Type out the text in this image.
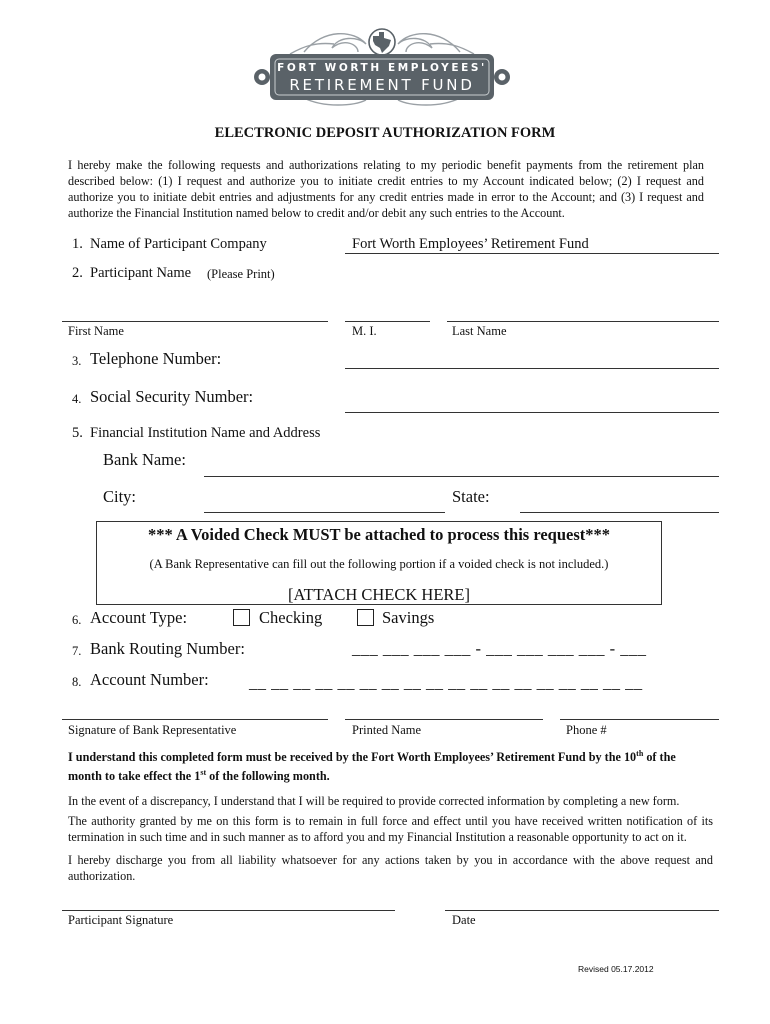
FORT WORTH EMPLOYEES'
RETIREMENT FUND
ELECTRONIC DEPOSIT AUTHORIZATION FORM
I hereby make the following requests and authorizations relating to my periodic benefit payments from the retirement plan described below: (1) I request and authorize you to initiate credit entries to my Account indicated below; (2) I request and authorize you to initiate debit entries and adjustments for any credit entries made in error to the Account; and (3) I request and authorize the Financial Institution named below to credit and/or debit any such entries to the Account.
1. Name of Participant Company	Fort Worth Employees’ Retirement Fund
2. Participant Name (Please Print)
First Name	M. I.	Last Name
3. Telephone Number:
4. Social Security Number:
5. Financial Institution Name and Address
Bank Name:
City:	State:
*** A Voided Check MUST be attached to process this request***
(A Bank Representative can fill out the following portion if a voided check is not included.)
[ATTACH CHECK HERE]
6. Account Type:	Checking	Savings
7. Bank Routing Number:	___ ___ ___ ___ - ___ ___ ___ ___ - ___
8. Account Number: __ __ __ __ __ __ __ __ __ __ __ __ __ __ __ __ __ __
Signature of Bank Representative	Printed Name	Phone #
I understand this completed form must be received by the Fort Worth Employees’ Retirement Fund by the 10th of the
month to take effect the 1st of the following month.
In the event of a discrepancy, I understand that I will be required to provide corrected information by completing a new form.
The authority granted by me on this form is to remain in full force and effect until you have received written notification of its termination in such time and in such manner as to afford you and my Financial Institution a reasonable opportunity to act on it.
I hereby discharge you from all liability whatsoever for any actions taken by you in accordance with the above request and authorization.
Participant Signature	Date
Revised 05.17.2012
